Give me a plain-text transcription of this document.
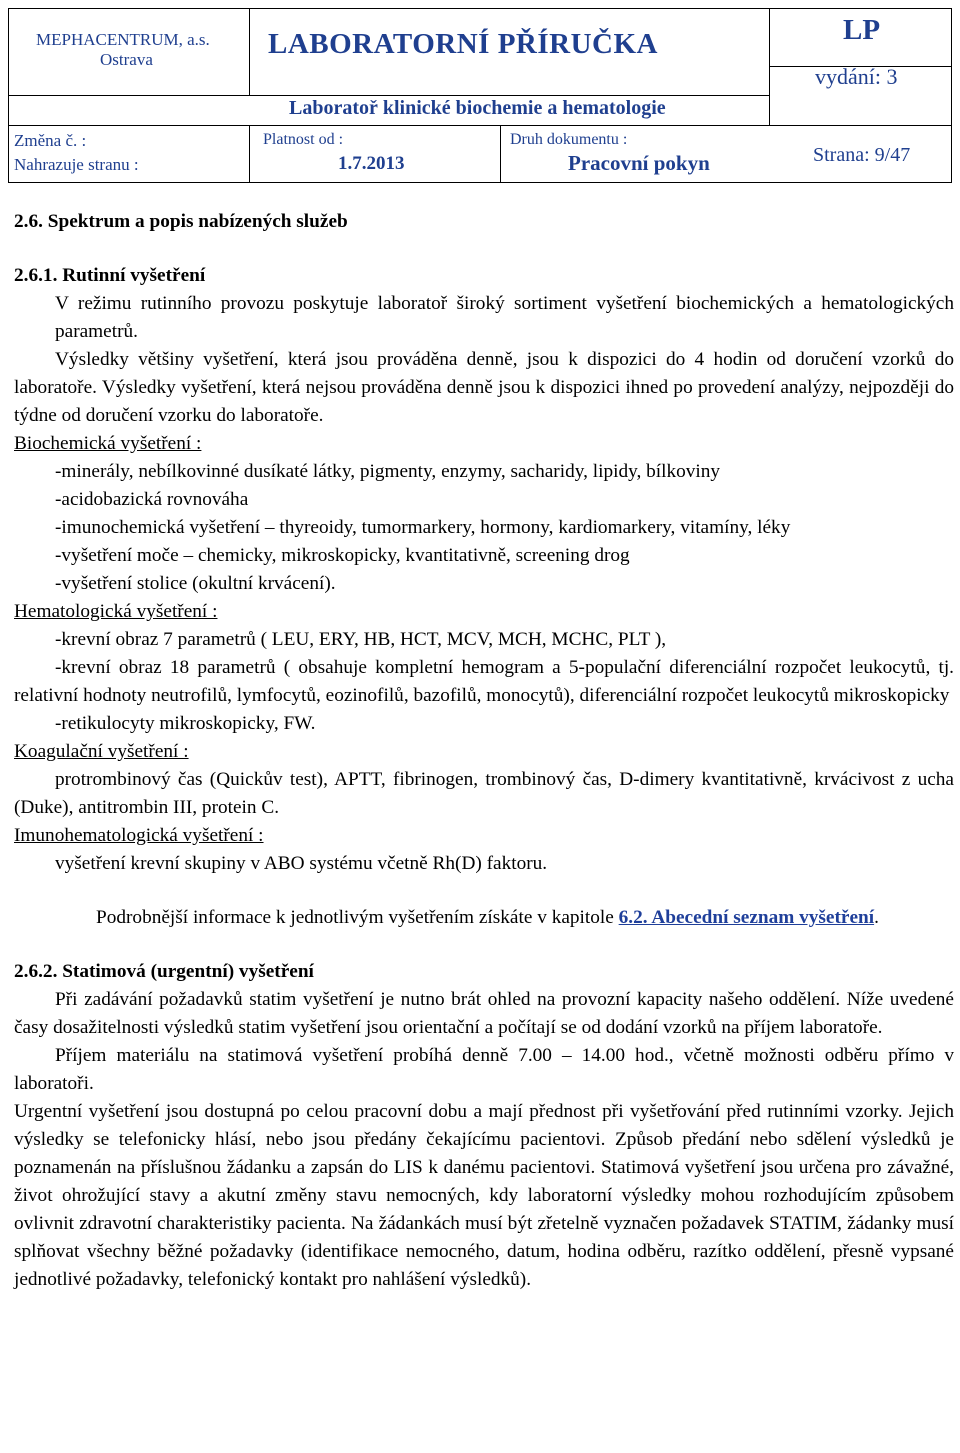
MEPHACENTRUM, a.s.
Ostrava	LABORATORNÍ PŘÍRUČKA	LP
vydání: 3
Laboratoř klinické biochemie a hematologie
Změna č. :
Nahrazuje stranu :
Platnost od :
1.7.2013
Druh dokumentu :
Pracovní pokyn	Strana: 9/47

2.6. Spektrum a popis nabízených služeb

2.6.1. Rutinní vyšetření

V režimu rutinního provozu poskytuje laboratoř široký sortiment vyšetření biochemických a hematologických parametrů.

Výsledky většiny vyšetření, která jsou prováděna denně, jsou k dispozici do 4 hodin od doručení vzorků do laboratoře. Výsledky vyšetření, která nejsou prováděna denně jsou k dispozici ihned po provedení analýzy, nejpozději do týdne od doručení vzorku do laboratoře.

Biochemická vyšetření :

-minerály, nebílkovinné dusíkaté látky, pigmenty, enzymy, sacharidy, lipidy, bílkoviny

-acidobazická rovnováha

-imunochemická vyšetření – thyreoidy, tumormarkery, hormony, kardiomarkery, vitamíny, léky

-vyšetření moče – chemicky, mikroskopicky, kvantitativně, screening drog

-vyšetření stolice (okultní krvácení).

Hematologická vyšetření :

-krevní obraz 7 parametrů ( LEU, ERY, HB, HCT, MCV, MCH, MCHC, PLT ),

-krevní obraz 18 parametrů ( obsahuje kompletní hemogram a 5-populační diferenciální rozpočet leukocytů, tj. relativní hodnoty neutrofilů, lymfocytů, eozinofilů, bazofilů, monocytů), diferenciální rozpočet leukocytů mikroskopicky

-retikulocyty mikroskopicky, FW.

Koagulační vyšetření :

protrombinový čas (Quickův test), APTT, fibrinogen, trombinový čas, D-dimery kvantitativně, krvácivost z ucha (Duke), antitrombin III, protein C.

Imunohematologická vyšetření :

vyšetření krevní skupiny v ABO systému včetně Rh(D) faktoru.

Podrobnější informace k jednotlivým vyšetřením získáte v kapitole 6.2. Abecední seznam vyšetření.

2.6.2. Statimová (urgentní) vyšetření

Při zadávání požadavků statim vyšetření je nutno brát ohled na provozní kapacity našeho oddělení. Níže uvedené časy dosažitelnosti výsledků statim vyšetření jsou orientační a počítají se od dodání vzorků na příjem laboratoře.

Příjem materiálu na statimová vyšetření probíhá denně 7.00 – 14.00 hod., včetně možnosti odběru přímo v laboratoři.

Urgentní vyšetření jsou dostupná po celou pracovní dobu a mají přednost při vyšetřování před rutinními vzorky. Jejich výsledky se telefonicky hlásí, nebo jsou předány čekajícímu pacientovi. Způsob předání nebo sdělení výsledků je poznamenán na příslušnou žádanku a zapsán do LIS k danému pacientovi. Statimová vyšetření jsou určena pro závažné, život ohrožující stavy a akutní změny stavu nemocných, kdy laboratorní výsledky mohou rozhodujícím způsobem ovlivnit zdravotní charakteristiky pacienta. Na žádankách musí být zřetelně vyznačen požadavek STATIM, žádanky musí splňovat všechny běžné požadavky (identifikace nemocného, datum, hodina odběru, razítko oddělení, přesně vypsané jednotlivé požadavky, telefonický kontakt pro nahlášení výsledků).
